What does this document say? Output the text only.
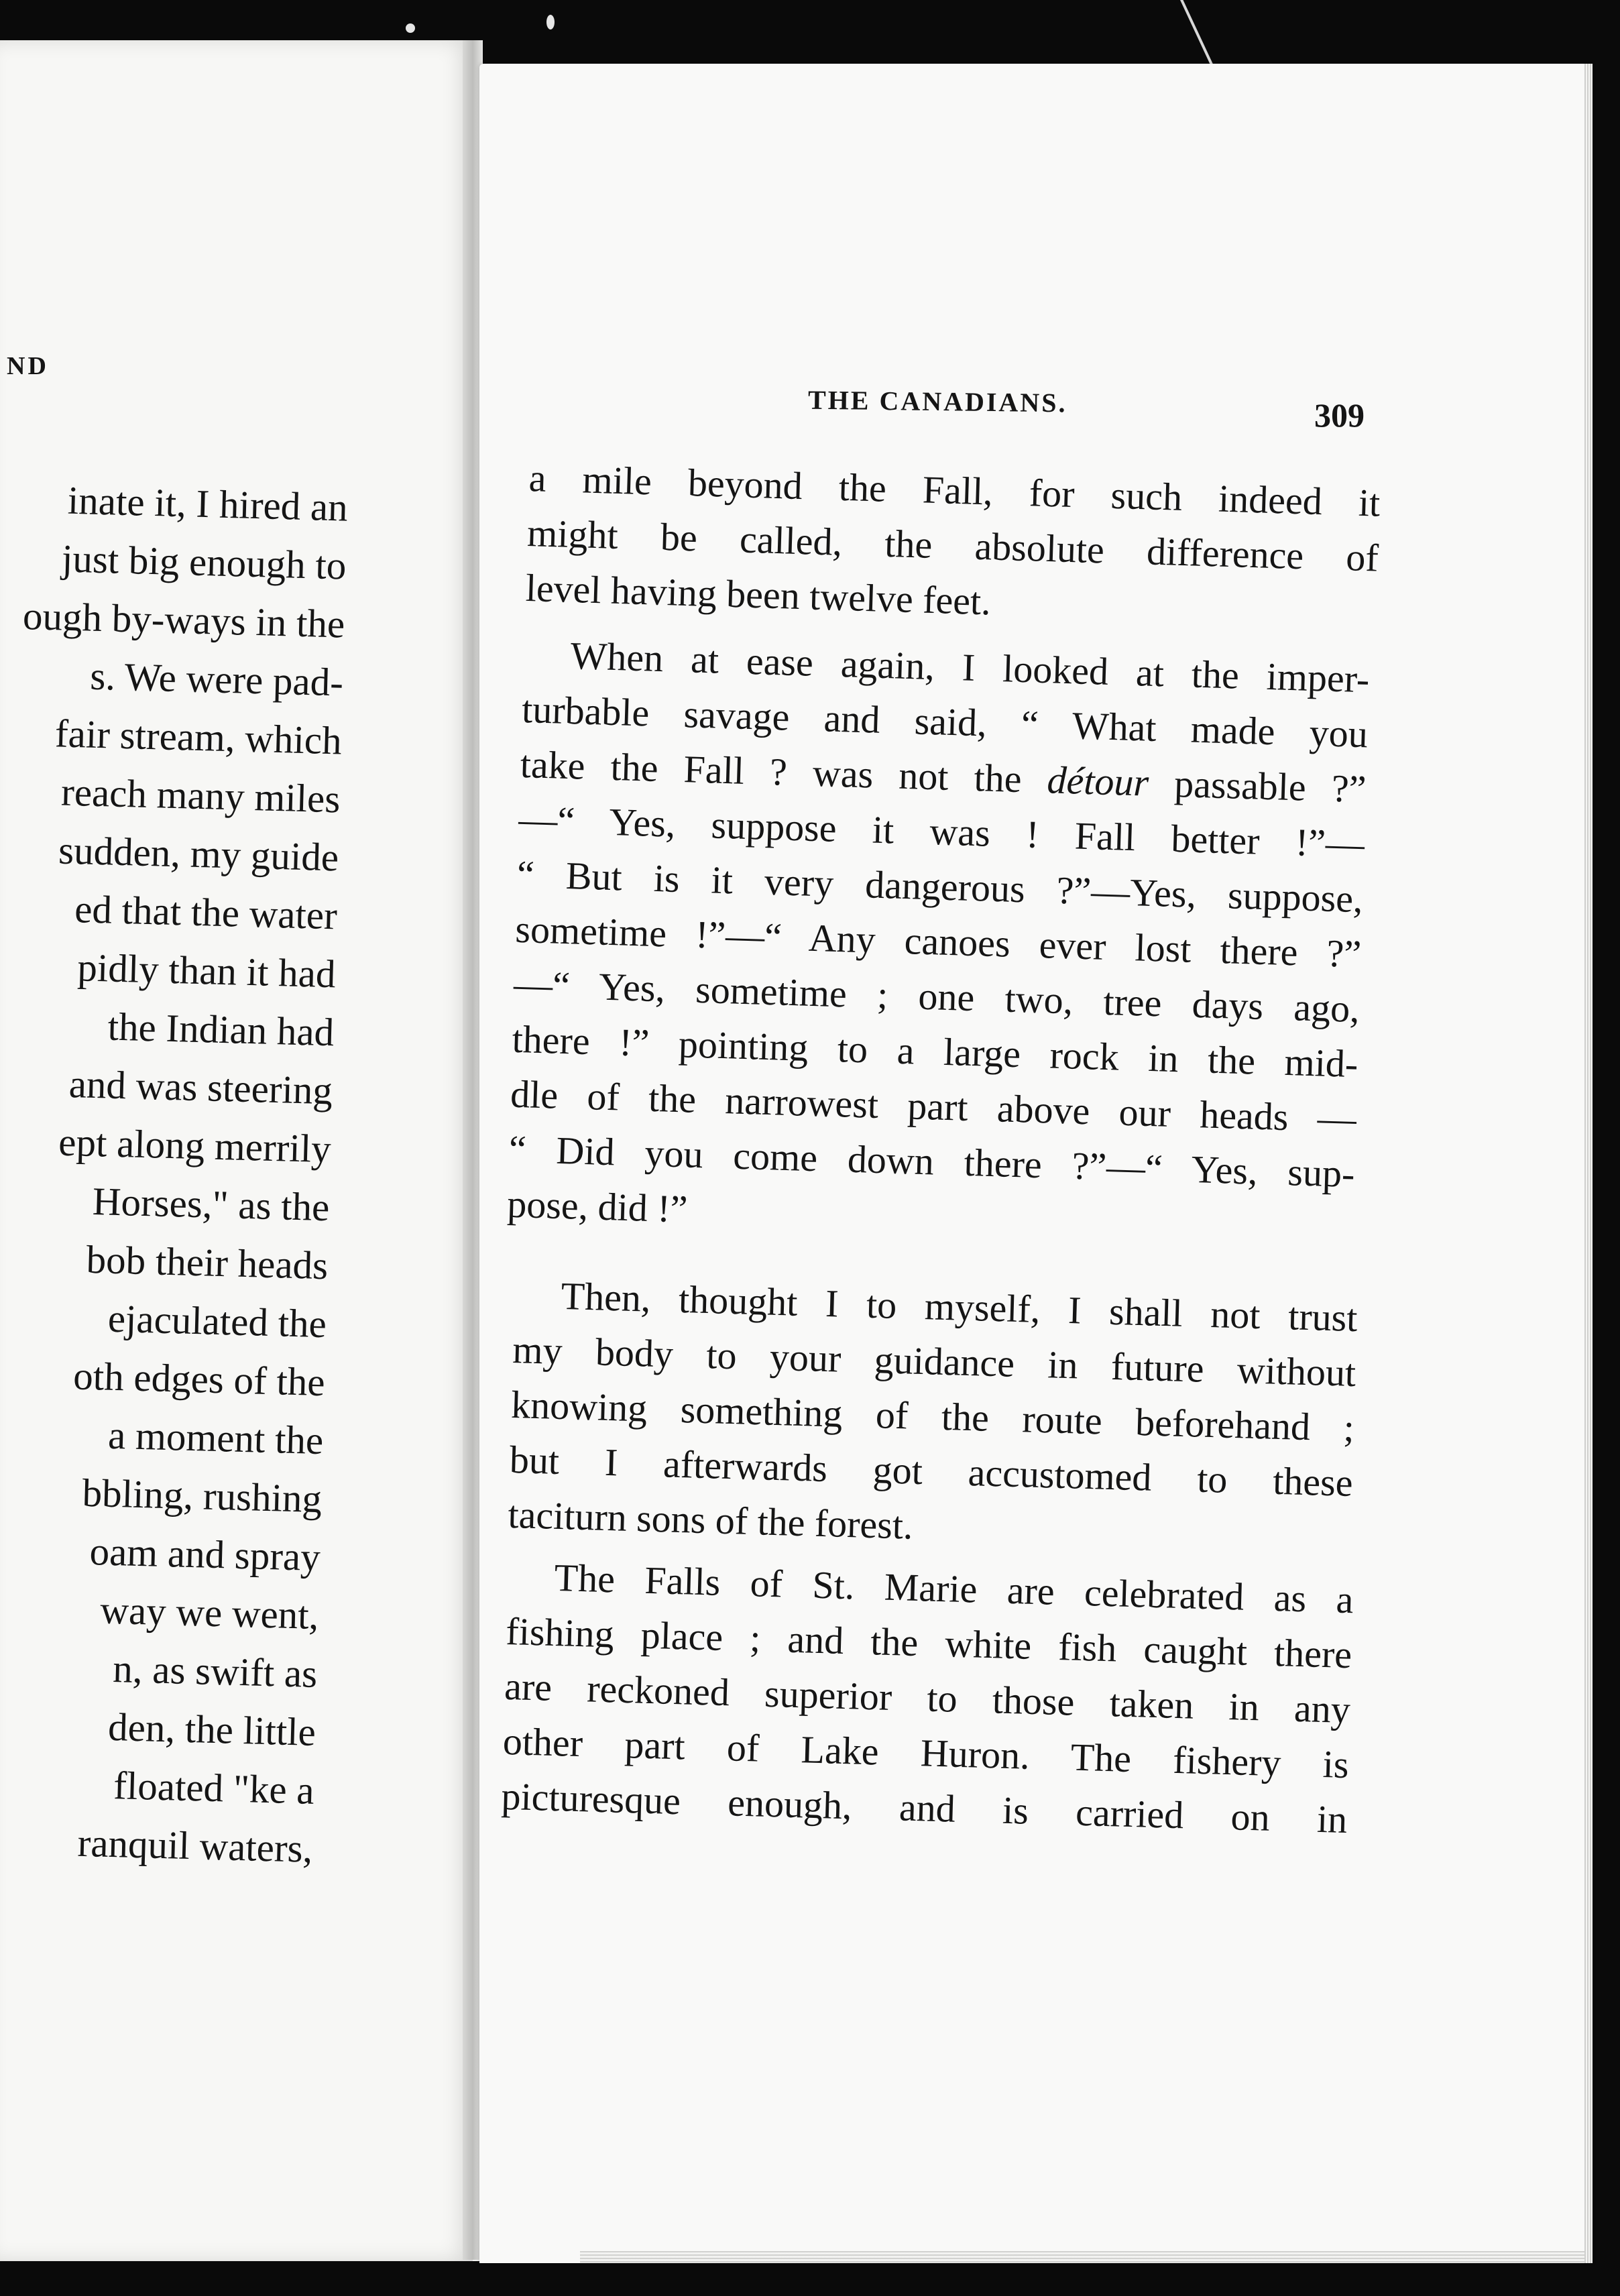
ND
inate it, I hired an
just big enough to
ough by-ways in the
s. We were pad-
fair stream, which
reach many miles
sudden, my guide
ed that the water
pidly than it had
the Indian had
and was steering
ept along merrily
Horses," as the
bob their heads
ejaculated the
oth edges of the
a moment the
bbling, rushing
oam and spray
way we went,
n, as swift as
den, the little
floated "ke a
ranquil waters,
THE CANADIANS.	309
a mile beyond the Fall, for such indeed it
might be called, the absolute difference of
level having been twelve feet.
When at ease again, I looked at the imper-
turbable savage and said, “ What made you
take the Fall ? was not the détour passable ?”
—“ Yes, suppose it was ! Fall better !”—
“ But is it very dangerous ?”—Yes, suppose,
sometime !”—“ Any canoes ever lost there ?”
—“ Yes, sometime ; one two, tree days ago,
there !” pointing to a large rock in the mid-
dle of the narrowest part above our heads —
“ Did you come down there ?”—“ Yes, sup-
pose, did !”
Then, thought I to myself, I shall not trust
my body to your guidance in future without
knowing something of the route beforehand ;
but I afterwards got accustomed to these
taciturn sons of the forest.
The Falls of St. Marie are celebrated as a
fishing place ; and the white fish caught there
are reckoned superior to those taken in any
other part of Lake Huron. The fishery is
picturesque enough, and is carried on in
